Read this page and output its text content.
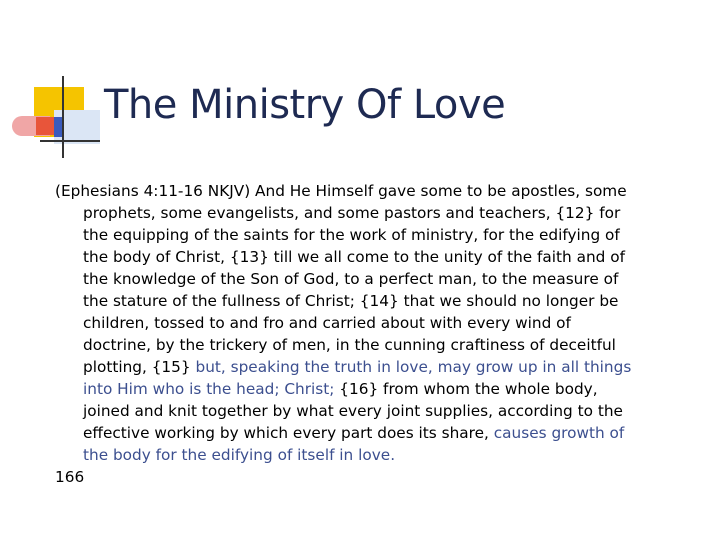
The Ministry Of Love
(Ephesians 4:11-16 NKJV) And He Himself gave some to be apostles, some
prophets, some evangelists, and some pastors and teachers, {12} for
the equipping of the saints for the work of ministry, for the edifying of
the body of Christ, {13} till we all come to the unity of the faith and of
the knowledge of the Son of God, to a perfect man, to the measure of
the stature of the fullness of Christ; {14} that we should no longer be
children, tossed to and fro and carried about with every wind of
doctrine, by the trickery of men, in the cunning craftiness of deceitful
plotting, {15} but, speaking the truth in love, may grow up in all things
into Him who is the head; Christ; {16} from whom the whole body,
joined and knit together by what every joint supplies, according to the
effective working by which every part does its share, causes growth of
the body for the edifying of itself in love.
166
